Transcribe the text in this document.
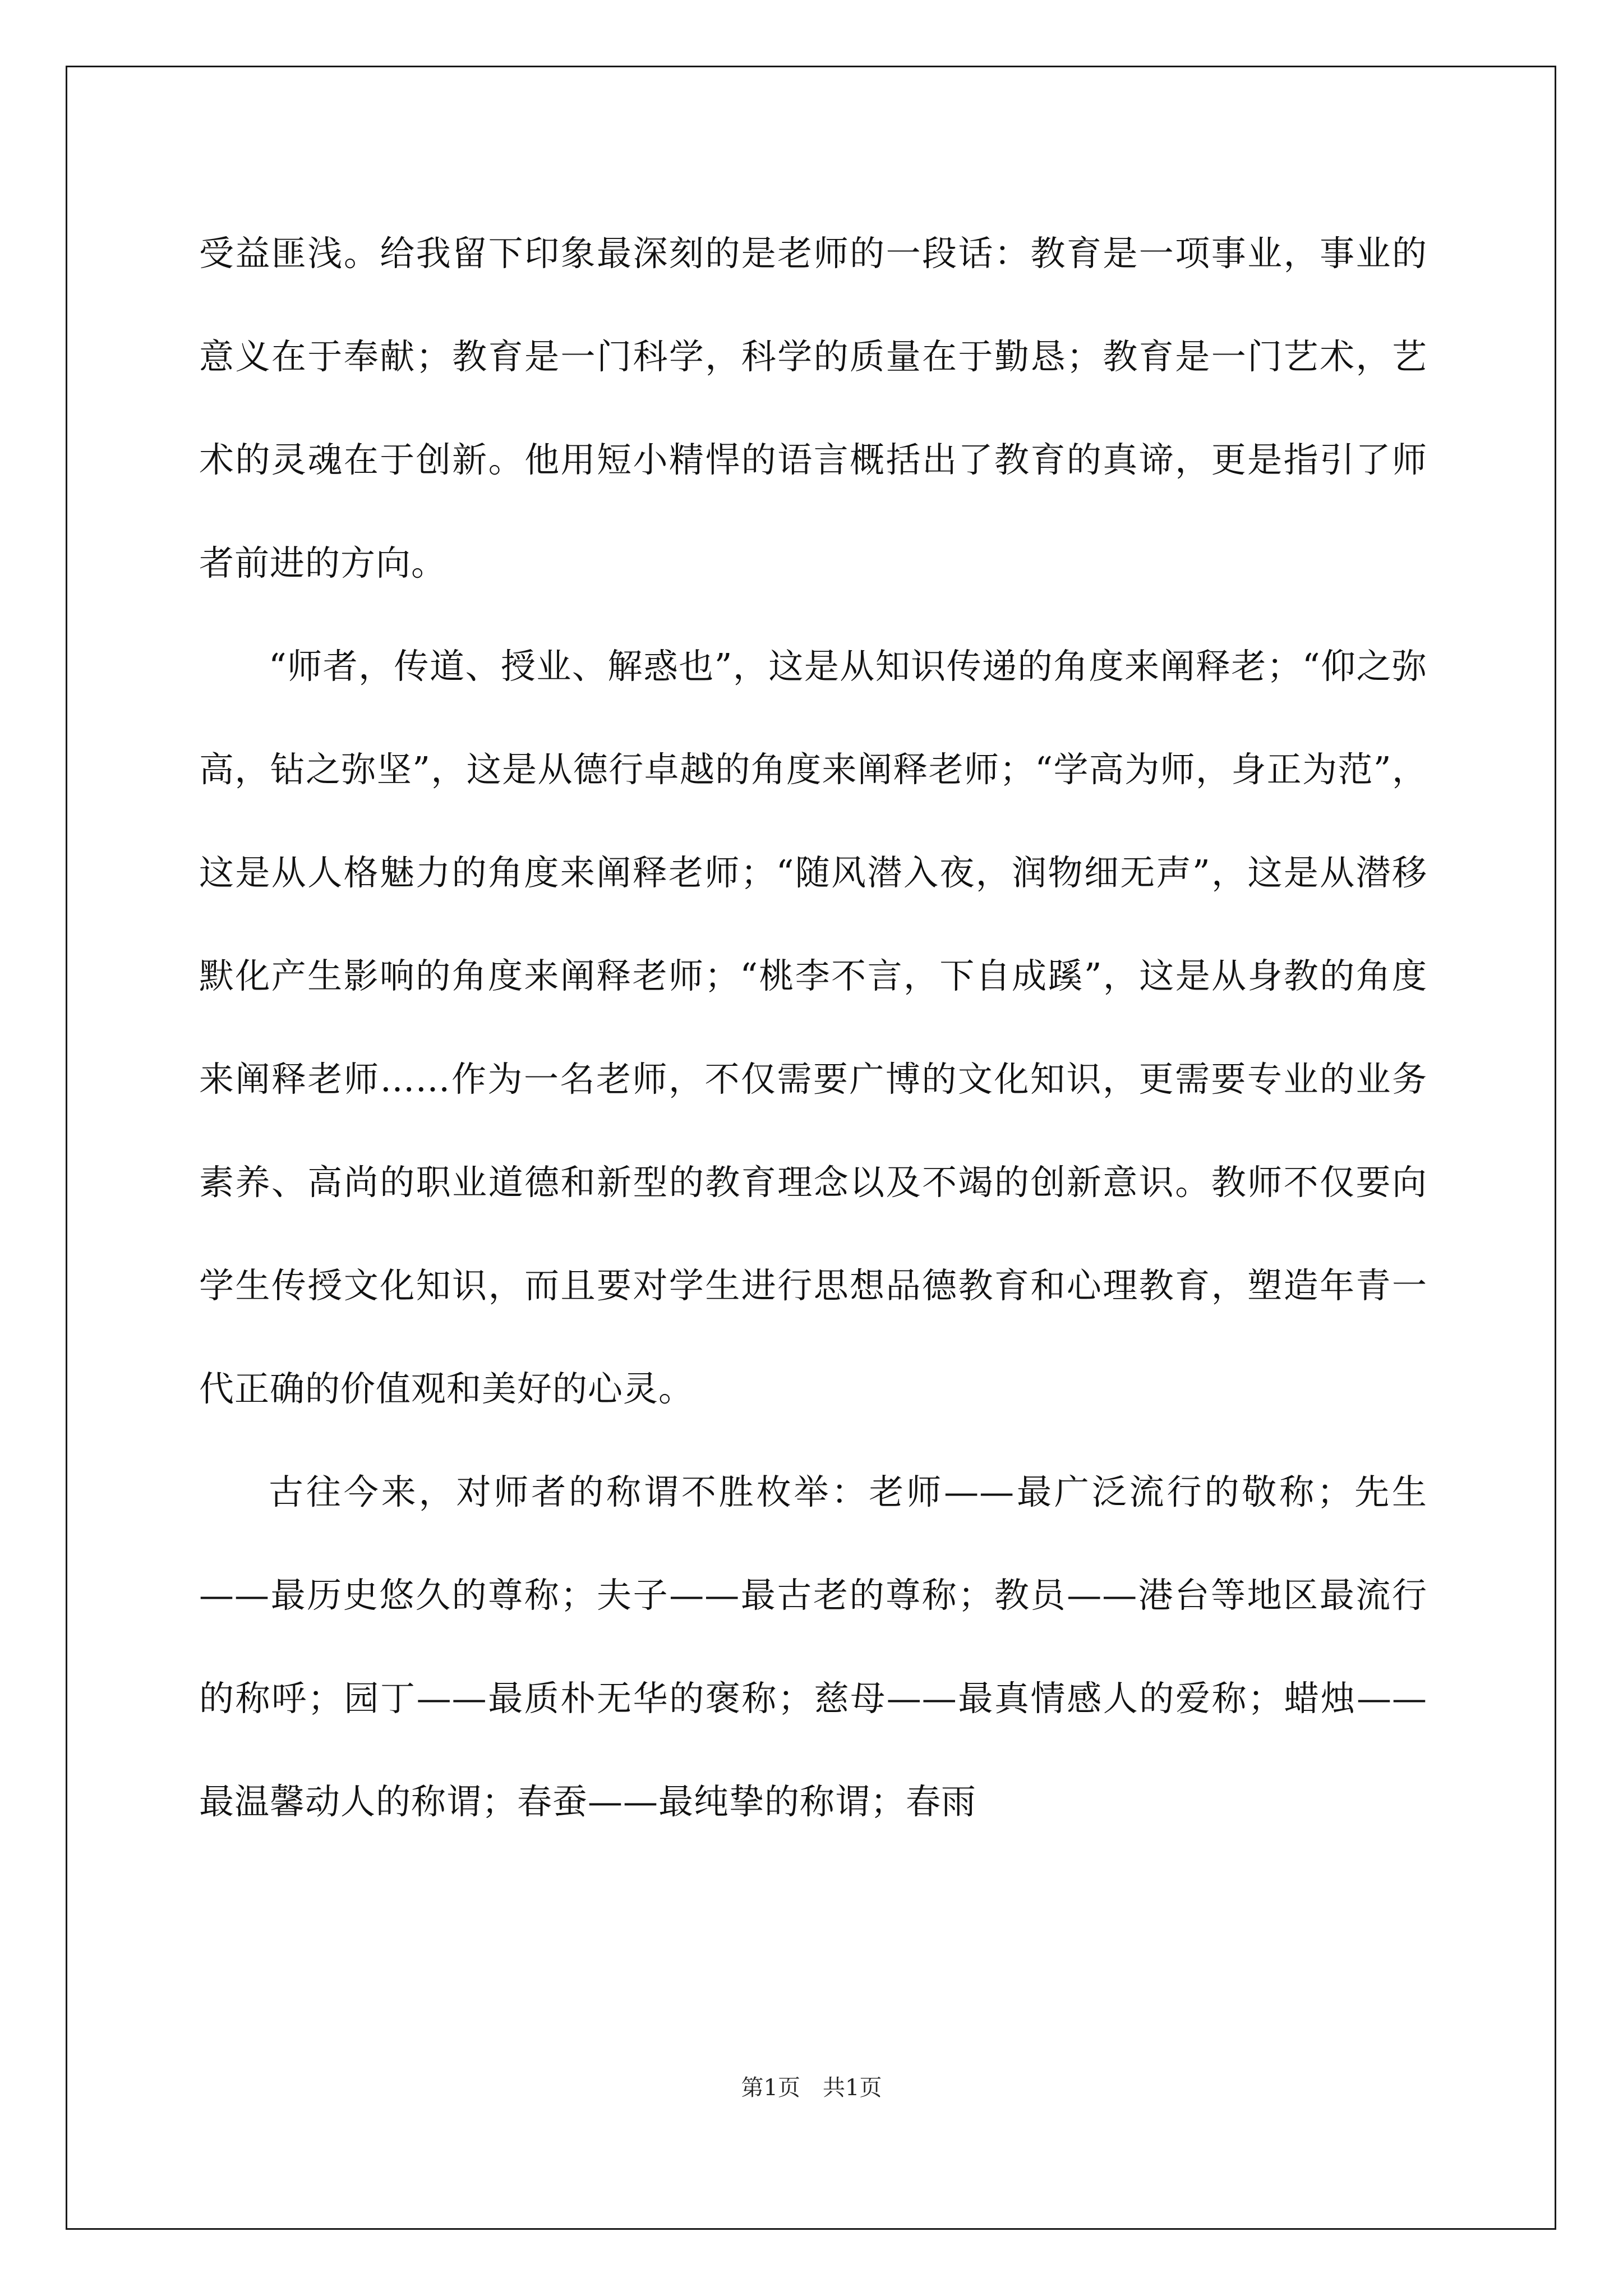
受益匪浅。给我留下印象最深刻的是老师的一段话：教育是一项事业，事业的意义在于奉献；教育是一门科学，科学的质量在于勤恳；教育是一门艺术，艺术的灵魂在于创新。他用短小精悍的语言概括出了教育的真谛，更是指引了师者前进的方向。

“师者，传道、授业、解惑也”，这是从知识传递的角度来阐释老；“仰之弥高，钻之弥坚”，这是从德行卓越的角度来阐释老师；“学高为师，身正为范”，这是从人格魅力的角度来阐释老师；“随风潜入夜，润物细无声”，这是从潜移默化产生影响的角度来阐释老师；“桃李不言，下自成蹊”，这是从身教的角度来阐释老师……作为一名老师，不仅需要广博的文化知识，更需要专业的业务素养、高尚的职业道德和新型的教育理念以及不竭的创新意识。教师不仅要向学生传授文化知识，而且要对学生进行思想品德教育和心理教育，塑造年青一代正确的价值观和美好的心灵。

古往今来，对师者的称谓不胜枚举：老师——最广泛流行的敬称；先生——最历史悠久的尊称；夫子——最古老的尊称；教员——港台等地区最流行的称呼；园丁——最质朴无华的褒称；慈母——最真情感人的爱称；蜡烛——最温馨动人的称谓；春蚕——最纯挚的称谓；春雨

第1页　共1页
